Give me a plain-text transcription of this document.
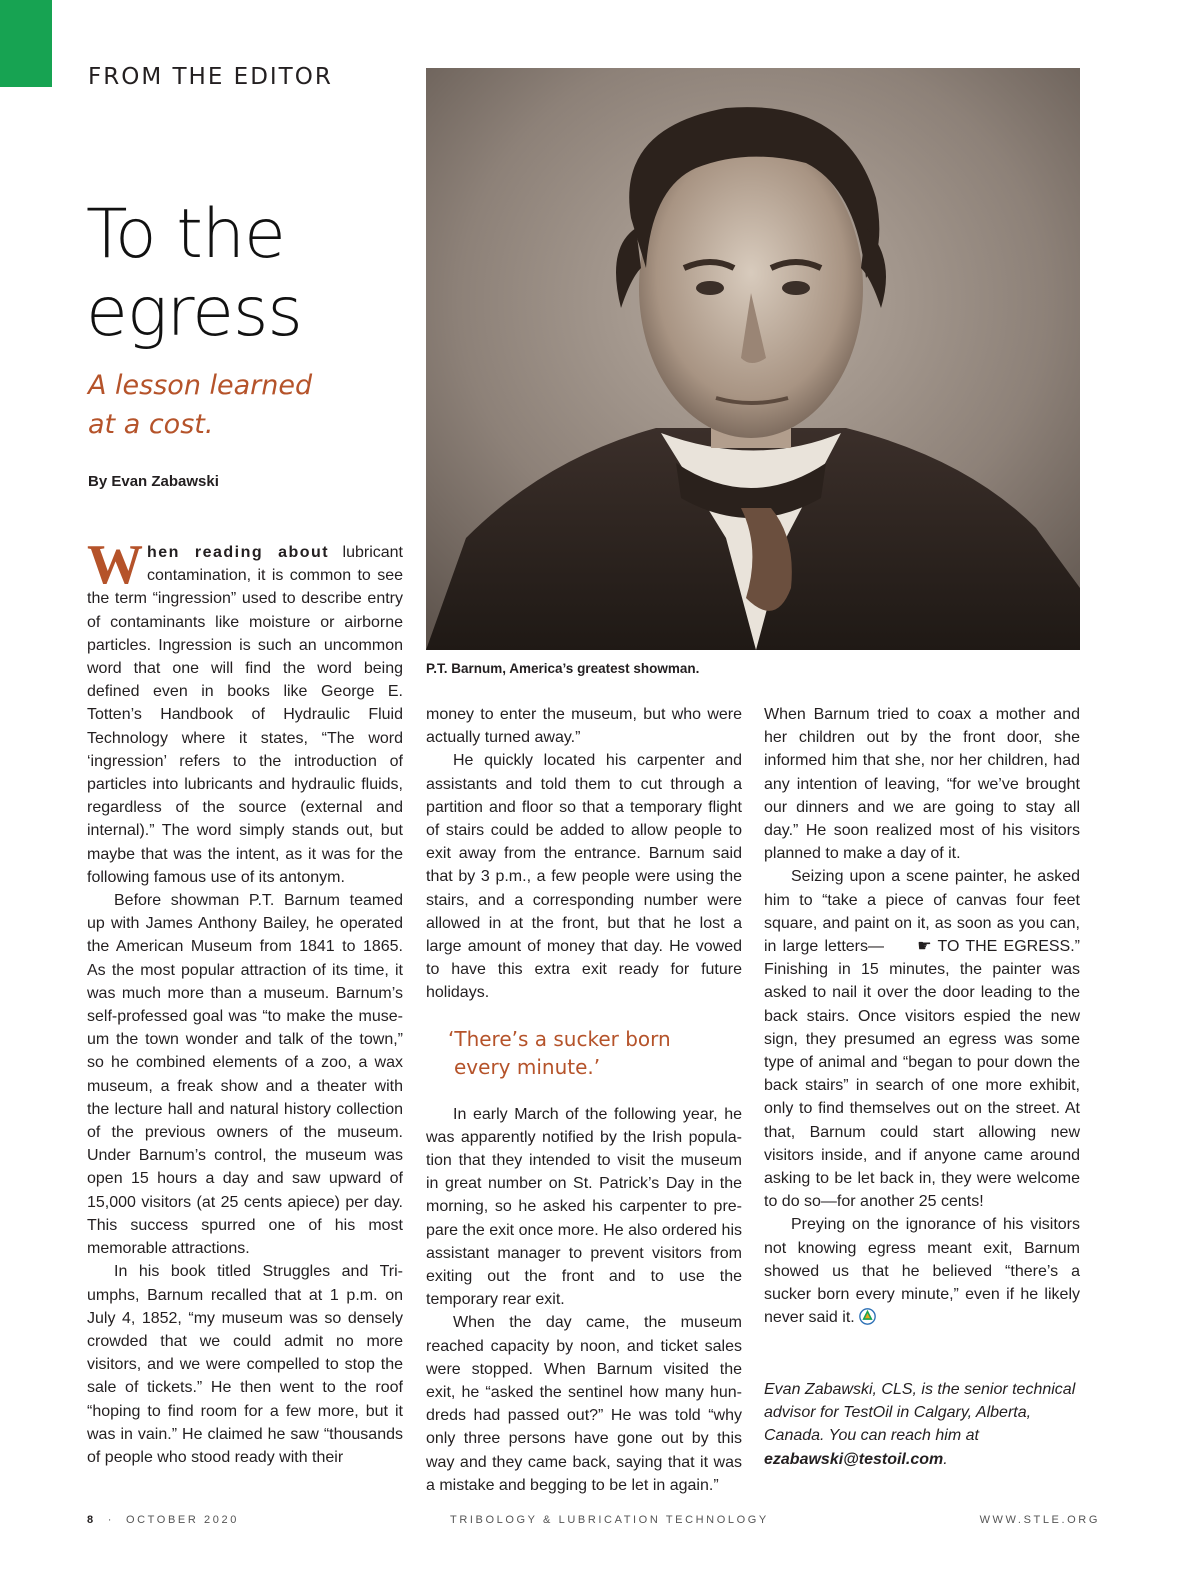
FROM THE EDITOR
To the
egress
A lesson learned
at a cost.
By Evan Zabawski
P.T. Barnum, America’s greatest showman.

When reading about lubricant contamination, it is common to see the term “ingression” used to describe entry of contaminants like moisture or airborne particles. Ingression is such an uncommon word that one will find the word being defined even in books like George E. Totten’s Handbook of Hydraulic Fluid Technology where it states, “The word ‘ingression’ refers to the introduction of particles into lubricants and hydraulic fluids, regardless of the source (external and internal).” The word simply stands out, but maybe that was the intent, as it was for the following famous use of its antonym.

Before showman P.T. Barnum teamed up with James Anthony Bailey, he operated the American Museum from 1841 to 1865. As the most popular attraction of its time, it was much more than a museum. Barnum’s self-professed goal was “to make the museum the town wonder and talk of the town,” so he combined elements of a zoo, a wax museum, a freak show and a theater with the lecture hall and natural history collection of the previous owners of the museum. Under Barnum’s control, the museum was open 15 hours a day and saw upward of 15,000 visitors (at 25 cents apiece) per day. This success spurred one of his most memorable attractions.

In his book titled Struggles and Triumphs, Barnum recalled that at 1 p.m. on July 4, 1852, “my museum was so densely crowded that we could admit no more visitors, and we were compelled to stop the sale of tickets.” He then went to the roof “hoping to find room for a few more, but it was in vain.” He claimed he saw “thousands of people who stood ready with their

money to enter the museum, but who were actually turned away.”

He quickly located his carpenter and assistants and told them to cut through a partition and floor so that a temporary flight of stairs could be added to allow people to exit away from the entrance. Barnum said that by 3 p.m., a few people were using the stairs, and a corresponding number were allowed in at the front, but that he lost a large amount of money that day. He vowed to have this extra exit ready for future holidays.

‘There’s a sucker born
every minute.’

In early March of the following year, he was apparently notified by the Irish population that they intended to visit the museum in great number on St. Patrick’s Day in the morning, so he asked his carpenter to prepare the exit once more. He also ordered his assistant manager to prevent visitors from exiting out the front and to use the temporary rear exit.

When the day came, the museum reached capacity by noon, and ticket sales were stopped. When Barnum visited the exit, he “asked the sentinel how many hundreds had passed out?” He was told “why only three persons have gone out by this way and they came back, saying that it was a mistake and begging to be let in again.”

When Barnum tried to coax a mother and her children out by the front door, she informed him that she, nor her children, had any intention of leaving, “for we’ve brought our dinners and we are going to stay all day.” He soon realized most of his visitors planned to make a day of it.

Seizing upon a scene painter, he asked him to “take a piece of canvas four feet square, and paint on it, as soon as you can, in large letters— ☛ TO THE EGRESS.” Finishing in 15 minutes, the painter was asked to nail it over the door leading to the back stairs. Once visitors espied the new sign, they presumed an egress was some type of animal and “began to pour down the back stairs” in search of one more exhibit, only to find themselves out on the street. At that, Barnum could start allowing new visitors inside, and if anyone came around asking to be let back in, they were welcome to do so—for another 25 cents!

Preying on the ignorance of his visitors not knowing egress meant exit, Barnum showed us that he believed “there’s a sucker born every minute,” even if he likely never said it.

Evan Zabawski, CLS, is the senior technical advisor for TestOil in Calgary, Alberta, Canada. You can reach him at ezabawski@testoil.com.
8 · OCTOBER 2020	TRIBOLOGY & LUBRICATION TECHNOLOGY	WWW.STLE.ORG
